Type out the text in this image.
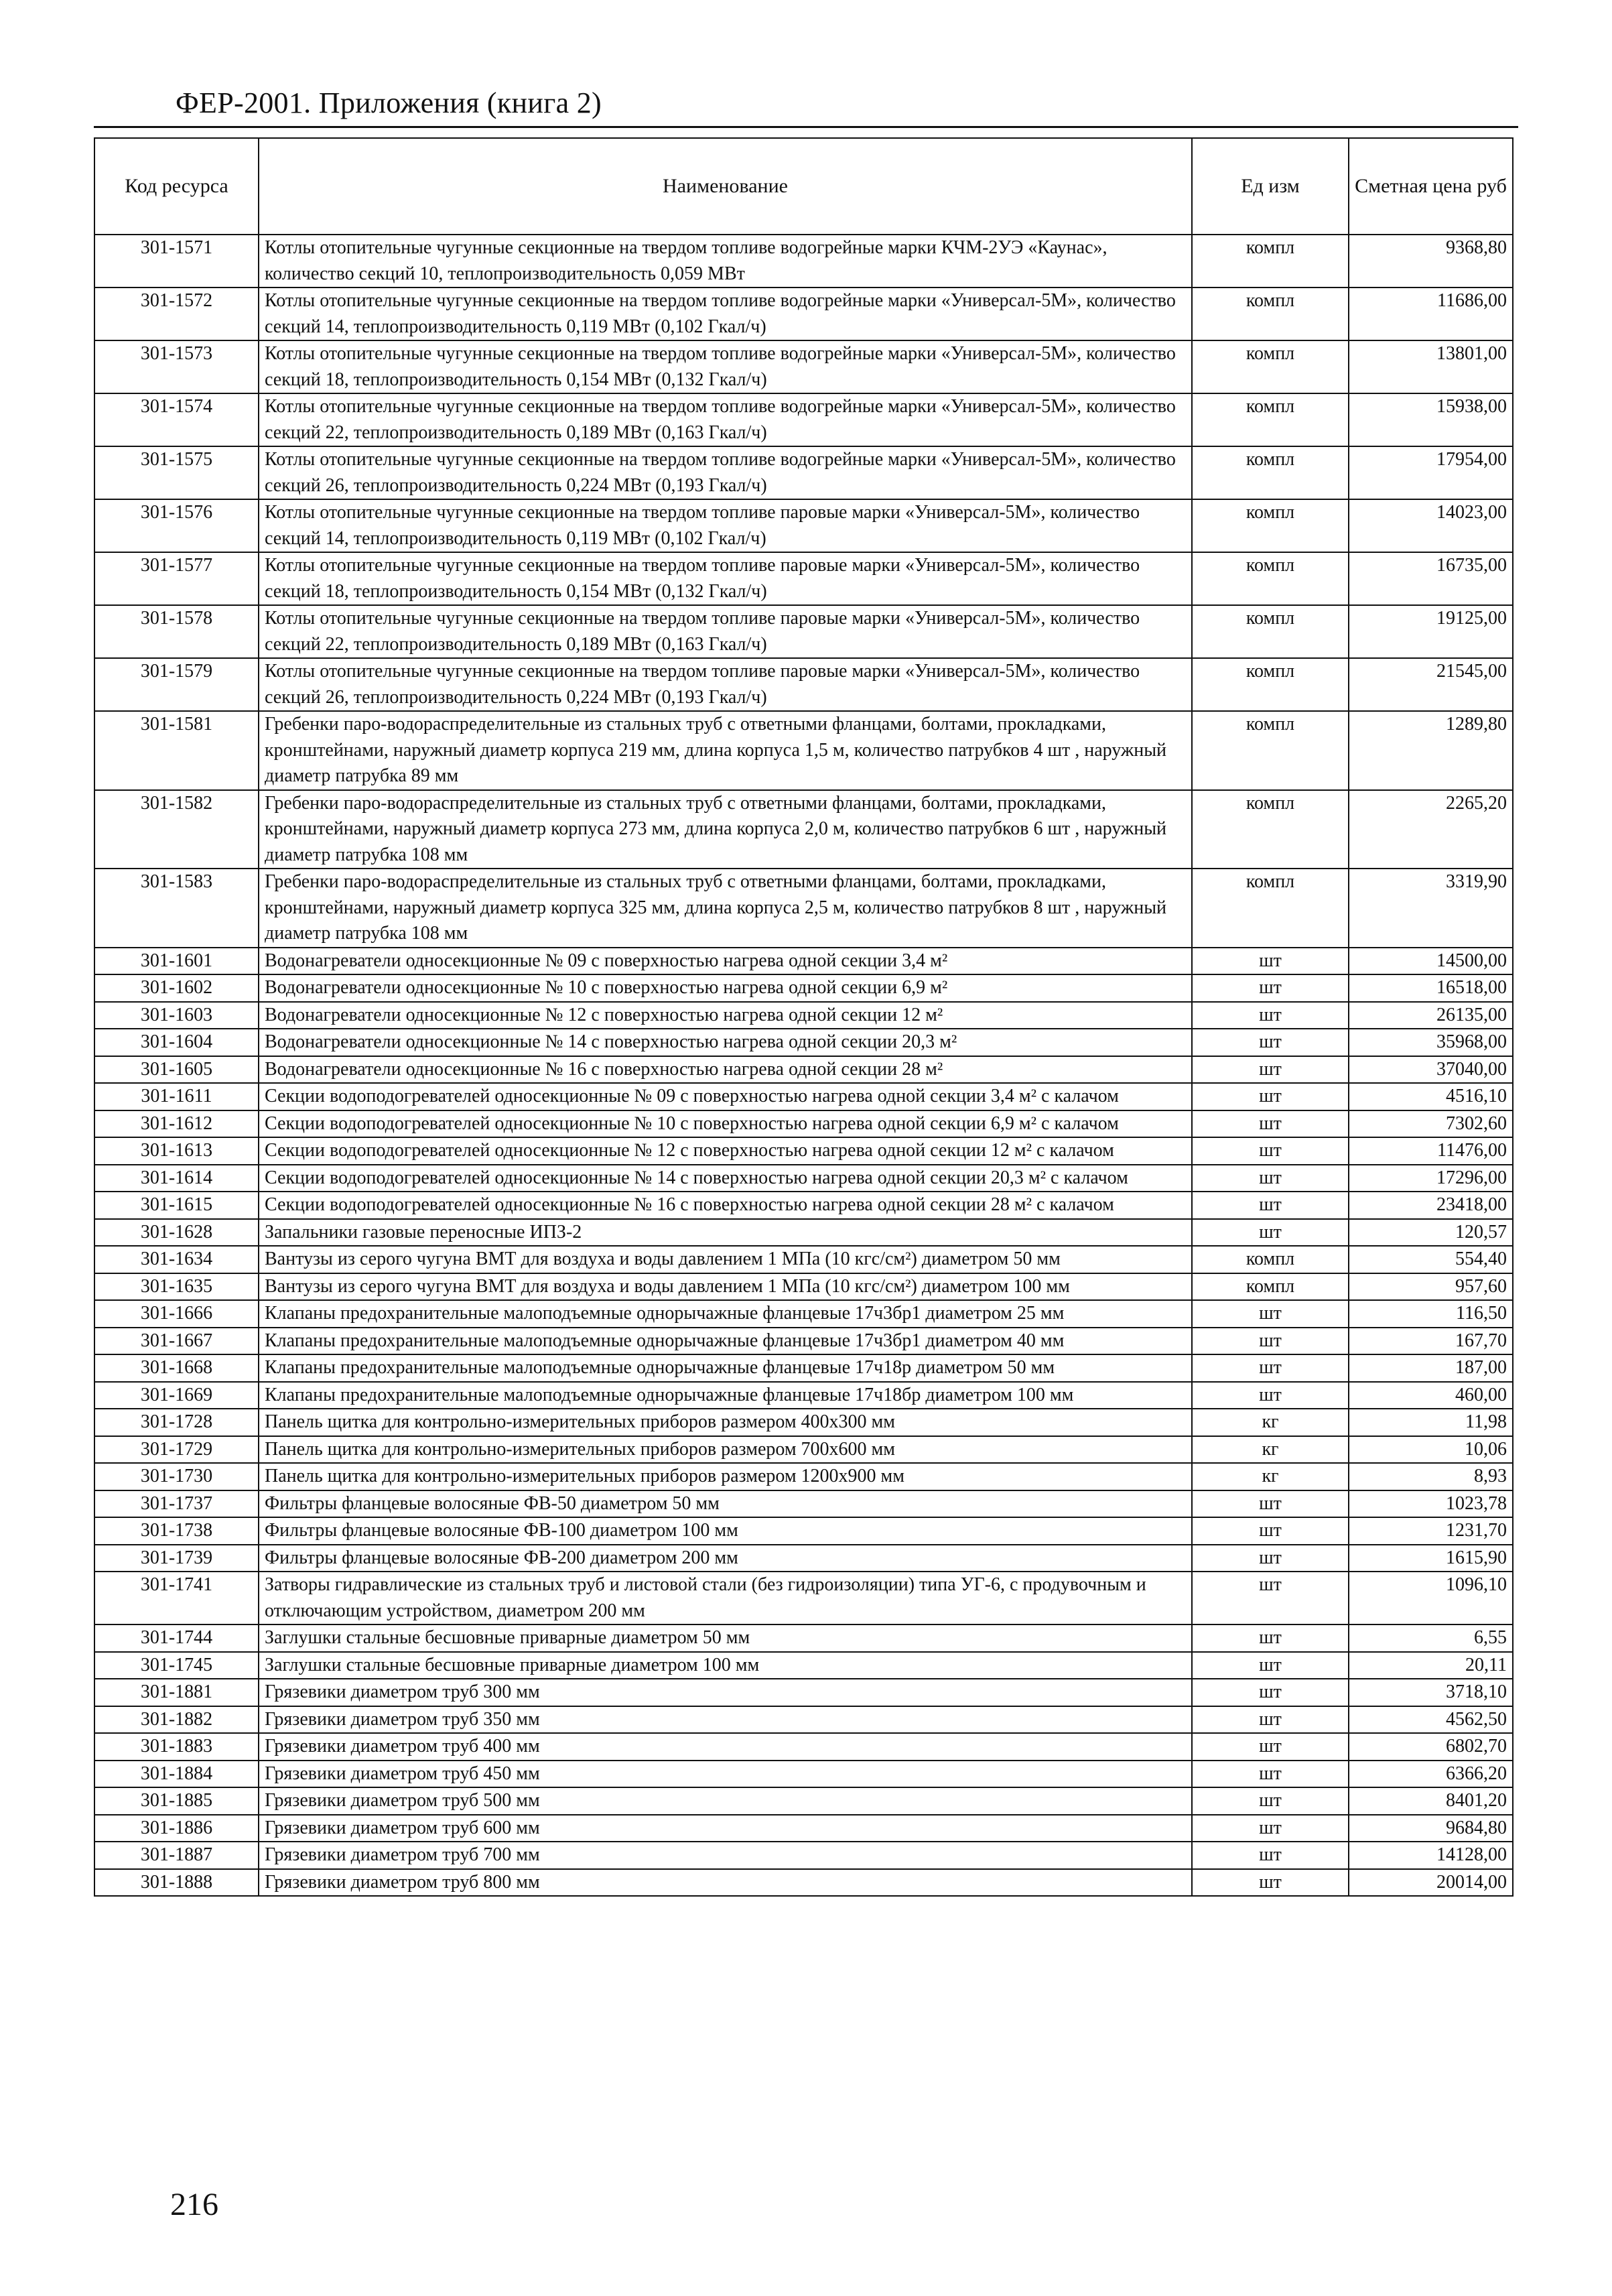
ФЕР-2001. Приложения (книга 2)
Код ресурса	Наименование	Ед изм	Сметная цена руб
301-1571	Котлы отопительные чугунные секционные на твердом топливе водогрейные марки КЧМ-2УЭ «Каунас», количество секций 10, теплопроизводительность 0,059 МВт	компл	9368,80
301-1572	Котлы отопительные чугунные секционные на твердом топливе водогрейные марки «Универсал-5М», количество секций 14, теплопроизводительность 0,119 МВт (0,102 Гкал/ч)	компл	11686,00
301-1573	Котлы отопительные чугунные секционные на твердом топливе водогрейные марки «Универсал-5М», количество секций 18, теплопроизводительность 0,154 МВт (0,132 Гкал/ч)	компл	13801,00
301-1574	Котлы отопительные чугунные секционные на твердом топливе водогрейные марки «Универсал-5М», количество секций 22, теплопроизводительность 0,189 МВт (0,163 Гкал/ч)	компл	15938,00
301-1575	Котлы отопительные чугунные секционные на твердом топливе водогрейные марки «Универсал-5М», количество секций 26, теплопроизводительность 0,224 МВт (0,193 Гкал/ч)	компл	17954,00
301-1576	Котлы отопительные чугунные секционные на твердом топливе паровые марки «Универсал-5М», количество секций 14, теплопроизводительность 0,119 МВт (0,102 Гкал/ч)	компл	14023,00
301-1577	Котлы отопительные чугунные секционные на твердом топливе паровые марки «Универсал-5М», количество секций 18, теплопроизводительность 0,154 МВт (0,132 Гкал/ч)	компл	16735,00
301-1578	Котлы отопительные чугунные секционные на твердом топливе паровые марки «Универсал-5М», количество секций 22, теплопроизводительность 0,189 МВт (0,163 Гкал/ч)	компл	19125,00
301-1579	Котлы отопительные чугунные секционные на твердом топливе паровые марки «Универсал-5М», количество секций 26, теплопроизводительность 0,224 МВт (0,193 Гкал/ч)	компл	21545,00
301-1581	Гребенки паро-водораспределительные из стальных труб с ответными фланцами, болтами, прокладками, кронштейнами, наружный диаметр корпуса 219 мм, длина корпуса 1,5 м, количество патрубков 4 шт , наружный диаметр патрубка 89 мм	компл	1289,80
301-1582	Гребенки паро-водораспределительные из стальных труб с ответными фланцами, болтами, прокладками, кронштейнами, наружный диаметр корпуса 273 мм, длина корпуса 2,0 м, количество патрубков 6 шт , наружный диаметр патрубка 108 мм	компл	2265,20
301-1583	Гребенки паро-водораспределительные из стальных труб с ответными фланцами, болтами, прокладками, кронштейнами, наружный диаметр корпуса 325 мм, длина корпуса 2,5 м, количество патрубков 8 шт , наружный диаметр патрубка 108 мм	компл	3319,90
301-1601	Водонагреватели односекционные № 09 с поверхностью нагрева одной секции 3,4 м²	шт	14500,00
301-1602	Водонагреватели односекционные № 10 с поверхностью нагрева одной секции 6,9 м²	шт	16518,00
301-1603	Водонагреватели односекционные № 12 с поверхностью нагрева одной секции 12 м²	шт	26135,00
301-1604	Водонагреватели односекционные № 14 с поверхностью нагрева одной секции 20,3 м²	шт	35968,00
301-1605	Водонагреватели односекционные № 16 с поверхностью нагрева одной секции 28 м²	шт	37040,00
301-1611	Секции водоподогревателей односекционные № 09 с поверхностью нагрева одной секции 3,4 м² с калачом	шт	4516,10
301-1612	Секции водоподогревателей односекционные № 10 с поверхностью нагрева одной секции 6,9 м² с калачом	шт	7302,60
301-1613	Секции водоподогревателей односекционные № 12 с поверхностью нагрева одной секции 12 м² с калачом	шт	11476,00
301-1614	Секции водоподогревателей односекционные № 14 с поверхностью нагрева одной секции 20,3 м² с калачом	шт	17296,00
301-1615	Секции водоподогревателей односекционные № 16 с поверхностью нагрева одной секции 28 м² с калачом	шт	23418,00
301-1628	Запальники газовые переносные ИПЗ-2	шт	120,57
301-1634	Вантузы из серого чугуна ВМТ для воздуха и воды давлением 1 МПа (10 кгс/см²) диаметром 50 мм	компл	554,40
301-1635	Вантузы из серого чугуна ВМТ для воздуха и воды давлением 1 МПа (10 кгс/см²) диаметром 100 мм	компл	957,60
301-1666	Клапаны предохранительные малоподъемные однорычажные фланцевые 17ч3бр1 диаметром 25 мм	шт	116,50
301-1667	Клапаны предохранительные малоподъемные однорычажные фланцевые 17ч3бр1 диаметром 40 мм	шт	167,70
301-1668	Клапаны предохранительные малоподъемные однорычажные фланцевые 17ч18р диаметром 50 мм	шт	187,00
301-1669	Клапаны предохранительные малоподъемные однорычажные фланцевые 17ч18бр диаметром 100 мм	шт	460,00
301-1728	Панель щитка для контрольно-измерительных приборов размером 400х300 мм	кг	11,98
301-1729	Панель щитка для контрольно-измерительных приборов размером 700х600 мм	кг	10,06
301-1730	Панель щитка для контрольно-измерительных приборов размером 1200х900 мм	кг	8,93
301-1737	Фильтры фланцевые волосяные ФВ-50 диаметром 50 мм	шт	1023,78
301-1738	Фильтры фланцевые волосяные ФВ-100 диаметром 100 мм	шт	1231,70
301-1739	Фильтры фланцевые волосяные ФВ-200 диаметром 200 мм	шт	1615,90
301-1741	Затворы гидравлические из стальных труб и листовой стали (без гидроизоляции) типа УГ-6, с продувочным и отключающим устройством, диаметром 200 мм	шт	1096,10
301-1744	Заглушки стальные бесшовные приварные диаметром 50 мм	шт	6,55
301-1745	Заглушки стальные бесшовные приварные диаметром 100 мм	шт	20,11
301-1881	Грязевики диаметром труб 300 мм	шт	3718,10
301-1882	Грязевики диаметром труб 350 мм	шт	4562,50
301-1883	Грязевики диаметром труб 400 мм	шт	6802,70
301-1884	Грязевики диаметром труб 450 мм	шт	6366,20
301-1885	Грязевики диаметром труб 500 мм	шт	8401,20
301-1886	Грязевики диаметром труб 600 мм	шт	9684,80
301-1887	Грязевики диаметром труб 700 мм	шт	14128,00
301-1888	Грязевики диаметром труб 800 мм	шт	20014,00
216
